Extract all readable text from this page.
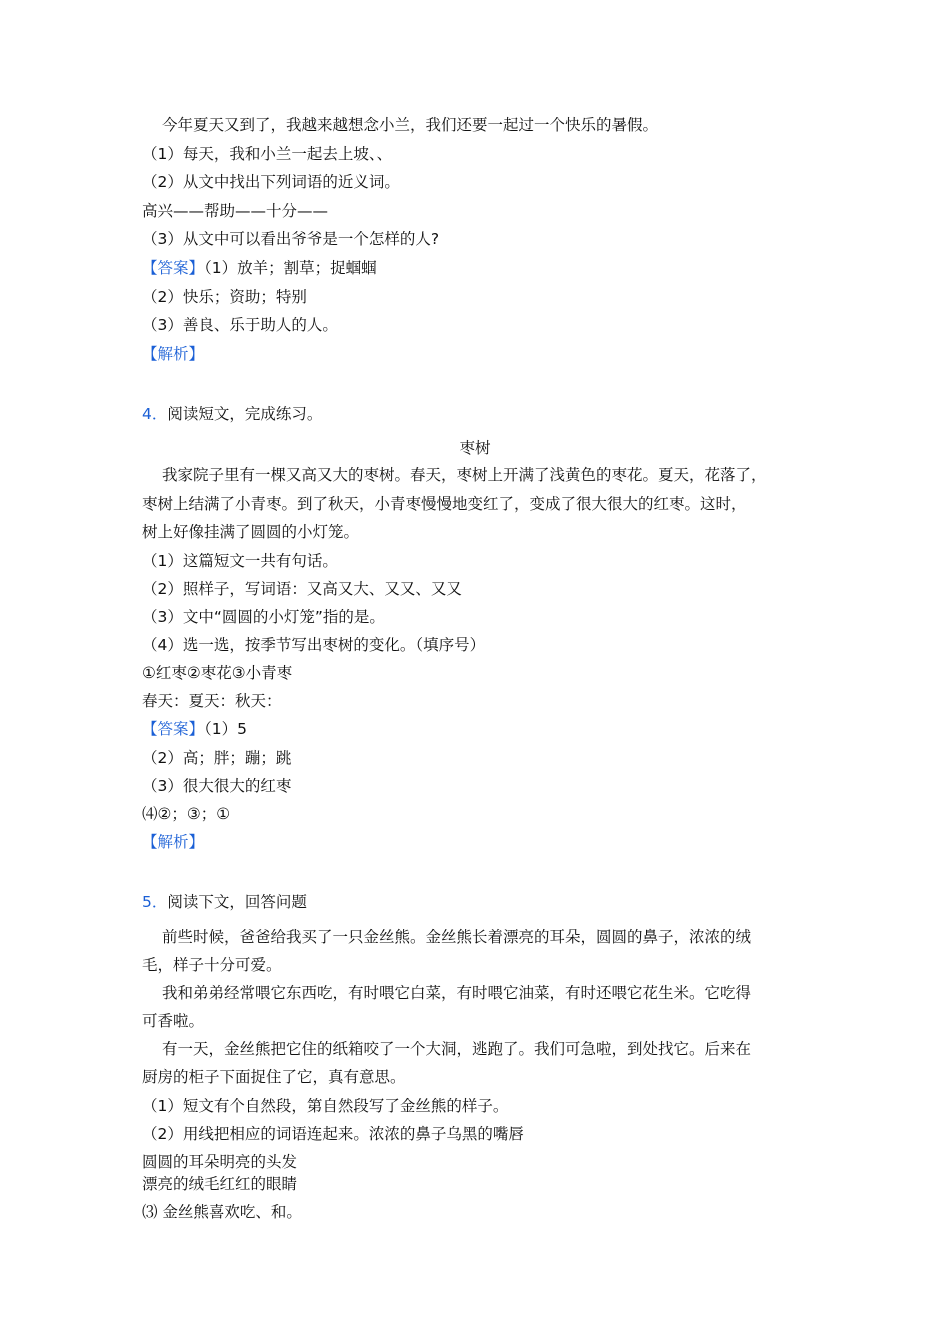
今年夏天又到了，我越来越想念小兰，我们还要一起过一个快乐的暑假。
（1）每天，我和小兰一起去上坡、、
（2）从文中找出下列词语的近义词。
高兴——帮助——十分——
（3）从文中可以看出爷爷是一个怎样的人?
【答案】（1）放羊；割草；捉蝈蝈
（2）快乐；资助；特别
（3）善良、乐于助人的人。
【解析】
4．阅读短文，完成练习。
枣树
我家院子里有一棵又高又大的枣树。春天，枣树上开满了浅黄色的枣花。夏天，花落了，
枣树上结满了小青枣。到了秋天，小青枣慢慢地变红了，变成了很大很大的红枣。这时，
树上好像挂满了圆圆的小灯笼。
（1）这篇短文一共有句话。
（2）照样子，写词语：又高又大、又又、又又
（3）文中“圆圆的小灯笼”指的是。
（4）选一选，按季节写出枣树的变化。（填序号）
①红枣②枣花③小青枣
春天：夏天：秋天：
【答案】（1）5
（2）高；胖；蹦；跳
（3）很大很大的红枣
⑷②；③；①
【解析】
5．阅读下文，回答问题
前些时候，爸爸给我买了一只金丝熊。金丝熊长着漂亮的耳朵，圆圆的鼻子，浓浓的绒
毛，样子十分可爱。
我和弟弟经常喂它东西吃，有时喂它白菜，有时喂它油菜，有时还喂它花生米。它吃得
可香啦。
有一天，金丝熊把它住的纸箱咬了一个大洞，逃跑了。我们可急啦，到处找它。后来在
厨房的柜子下面捉住了它，真有意思。
（1）短文有个自然段，第自然段写了金丝熊的样子。
（2）用线把相应的词语连起来。浓浓的鼻子乌黑的嘴唇
圆圆的耳朵明亮的头发
漂亮的绒毛红红的眼睛
⑶ 金丝熊喜欢吃、和。
